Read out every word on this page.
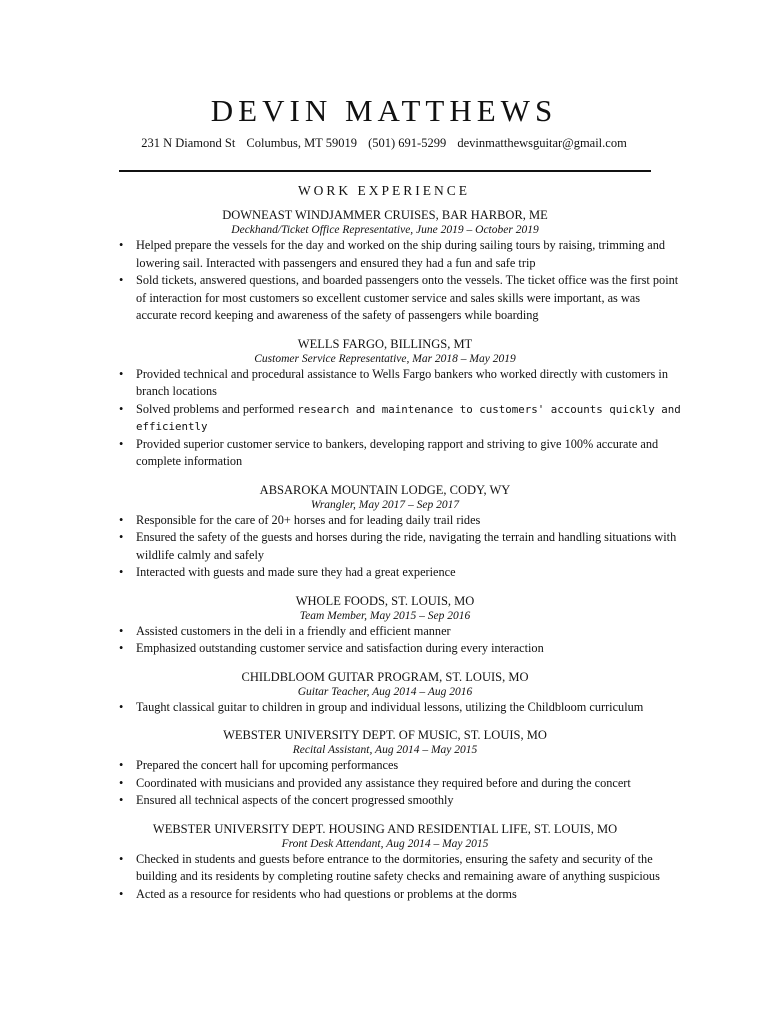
DEVIN MATTHEWS
231 N Diamond St Columbus, MT 59019 (501) 691-5299 devinmatthewsguitar@gmail.com
WORK EXPERIENCE
DOWNEAST WINDJAMMER CRUISES, BAR HARBOR, ME
Deckhand/Ticket Office Representative, June 2019 – October 2019
• Helped prepare the vessels for the day and worked on the ship during sailing tours by raising, trimming and lowering sail. Interacted with passengers and ensured they had a fun and safe trip
• Sold tickets, answered questions, and boarded passengers onto the vessels. The ticket office was the first point of interaction for most customers so excellent customer service and sales skills were important, as was accurate record keeping and awareness of the safety of passengers while boarding
WELLS FARGO, BILLINGS, MT
Customer Service Representative, Mar 2018 – May 2019
• Provided technical and procedural assistance to Wells Fargo bankers who worked directly with customers in branch locations
• Solved problems and performed research and maintenance to customers' accounts quickly and efficiently
• Provided superior customer service to bankers, developing rapport and striving to give 100% accurate and complete information
ABSAROKA MOUNTAIN LODGE, CODY, WY
Wrangler, May 2017 – Sep 2017
• Responsible for the care of 20+ horses and for leading daily trail rides
• Ensured the safety of the guests and horses during the ride, navigating the terrain and handling situations with wildlife calmly and safely
• Interacted with guests and made sure they had a great experience
WHOLE FOODS, ST. LOUIS, MO
Team Member, May 2015 – Sep 2016
• Assisted customers in the deli in a friendly and efficient manner
• Emphasized outstanding customer service and satisfaction during every interaction
CHILDBLOOM GUITAR PROGRAM, ST. LOUIS, MO
Guitar Teacher, Aug 2014 – Aug 2016
• Taught classical guitar to children in group and individual lessons, utilizing the Childbloom curriculum
WEBSTER UNIVERSITY DEPT. OF MUSIC, ST. LOUIS, MO
Recital Assistant, Aug 2014 – May 2015
• Prepared the concert hall for upcoming performances
• Coordinated with musicians and provided any assistance they required before and during the concert
• Ensured all technical aspects of the concert progressed smoothly
WEBSTER UNIVERSITY DEPT. HOUSING AND RESIDENTIAL LIFE, ST. LOUIS, MO
Front Desk Attendant, Aug 2014 – May 2015
• Checked in students and guests before entrance to the dormitories, ensuring the safety and security of the building and its residents by completing routine safety checks and remaining aware of anything suspicious
• Acted as a resource for residents who had questions or problems at the dorms
